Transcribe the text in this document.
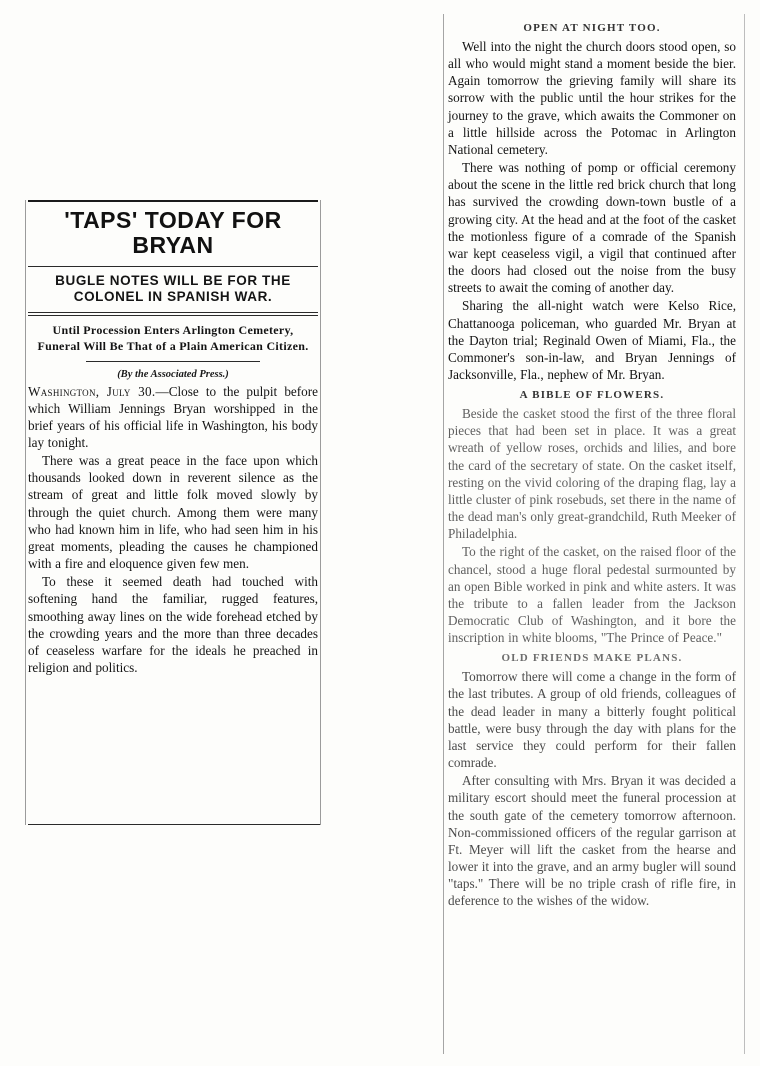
'TAPS' TODAY FOR BRYAN
BUGLE NOTES WILL BE FOR THE COLONEL IN SPANISH WAR.
Until Procession Enters Arlington Cemetery, Funeral Will Be That of a Plain American Citizen.
(By the Associated Press.)

Washington, July 30.—Close to the pulpit before which William Jennings Bryan worshipped in the brief years of his official life in Washington, his body lay tonight.

There was a great peace in the face upon which thousands looked down in reverent silence as the stream of great and little folk moved slowly by through the quiet church. Among them were many who had known him in life, who had seen him in his great moments, pleading the causes he championed with a fire and eloquence given few men.

To these it seemed death had touched with softening hand the familiar, rugged features, smoothing away lines on the wide forehead etched by the crowding years and the more than three decades of ceaseless warfare for the ideals he preached in religion and politics.

OPEN AT NIGHT TOO.

Well into the night the church doors stood open, so all who would might stand a moment beside the bier. Again tomorrow the grieving family will share its sorrow with the public until the hour strikes for the journey to the grave, which awaits the Commoner on a little hillside across the Potomac in Arlington National cemetery.

There was nothing of pomp or official ceremony about the scene in the little red brick church that long has survived the crowding down-town bustle of a growing city. At the head and at the foot of the casket the motionless figure of a comrade of the Spanish war kept ceaseless vigil, a vigil that continued after the doors had closed out the noise from the busy streets to await the coming of another day.

Sharing the all-night watch were Kelso Rice, Chattanooga policeman, who guarded Mr. Bryan at the Dayton trial; Reginald Owen of Miami, Fla., the Commoner's son-in-law, and Bryan Jennings of Jacksonville, Fla., nephew of Mr. Bryan.

A BIBLE OF FLOWERS.

Beside the casket stood the first of the three floral pieces that had been set in place. It was a great wreath of yellow roses, orchids and lilies, and bore the card of the secretary of state. On the casket itself, resting on the vivid coloring of the draping flag, lay a little cluster of pink rosebuds, set there in the name of the dead man's only great-grandchild, Ruth Meeker of Philadelphia.

To the right of the casket, on the raised floor of the chancel, stood a huge floral pedestal surmounted by an open Bible worked in pink and white asters. It was the tribute to a fallen leader from the Jackson Democratic Club of Washington, and it bore the inscription in white blooms, "The Prince of Peace."

OLD FRIENDS MAKE PLANS.

Tomorrow there will come a change in the form of the last tributes. A group of old friends, colleagues of the dead leader in many a bitterly fought political battle, were busy through the day with plans for the last service they could perform for their fallen comrade.

After consulting with Mrs. Bryan it was decided a military escort should meet the funeral procession at the south gate of the cemetery tomorrow afternoon. Non-commissioned officers of the regular garrison at Ft. Meyer will lift the casket from the hearse and lower it into the grave, and an army bugler will sound "taps." There will be no triple crash of rifle fire, in deference to the wishes of the widow.
